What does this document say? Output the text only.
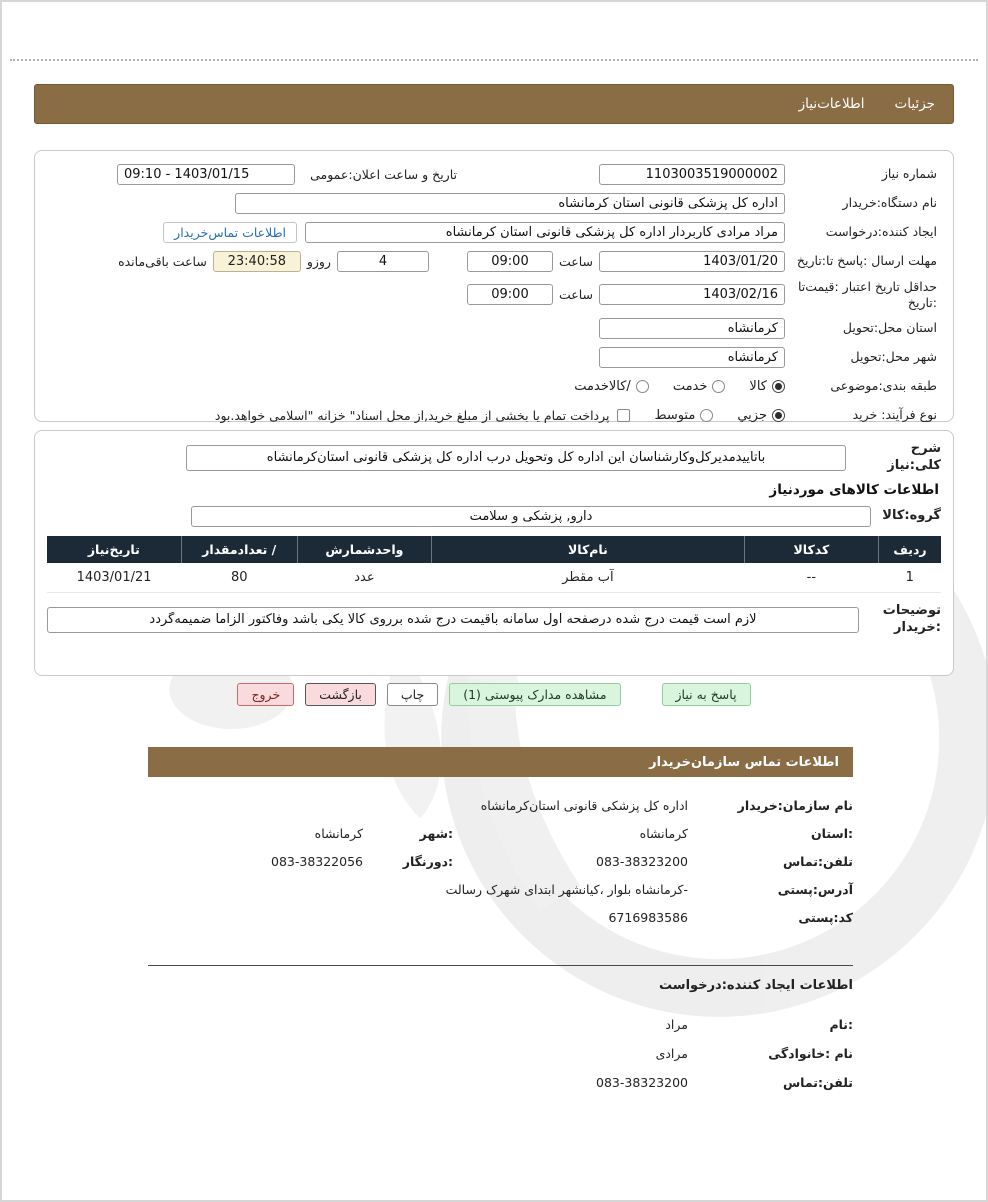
جزئیات
اطلاعات‌نیاز
شماره نیاز
1103003519000002
تاریخ و ساعت اعلان:عمومی
09:10 - 1403/01/15
نام دستگاه:خریدار
اداره کل پزشکی قانونی استان کرمانشاه
ایجاد کننده:درخواست
مراد مرادی کاربردار اداره کل پزشکی قانونی استان کرمانشاه
اطلاعات تماس‌خریدار
مهلت ارسال :پاسخ تا:تاریخ
1403/01/20
ساعت
09:00
4
روزو
23:40:58
ساعت باقی‌مانده
حداقل تاریخ اعتبار :قیمت‌تا :تاریخ
1403/02/16
ساعت
09:00
استان محل:تحویل
کرمانشاه
شهر محل:تحویل
کرمانشاه
طبقه بندی:موضوعی
کالا
خدمت
/کالاخدمت
نوع فرآیند: خرید
جزیي
متوسط
پرداخت تمام یا بخشی از مبلغ خرید,از محل اسناد" خزانه "اسلامی خواهد.بود
شرح کلی:نیاز
باتاییدمدیرکل‌وکارشناسان این اداره کل وتحویل درب اداره کل پزشکی قانونی استان‌کرمانشاه
اطلاعات کالاهای موردنیاز
گروه:کالا
دارو, پزشکی و سلامت
ردیف	کدکالا	نام‌کالا	واحدشمارش	/ تعدادمقدار	تاریخ‌نیاز
1	--	آب مقطر	عدد	80	1403/01/21
توضیحات :خریدار
لازم است قیمت درج شده درصفحه اول سامانه باقیمت درج شده برروی کالا یکی باشد وفاکتور الزاما ضمیمه‌گردد
پاسخ به نیاز
مشاهده مدارک پیوستی (1)
چاپ
بازگشت
خروج
اطلاعات تماس سازمان‌خریدار
نام سازمان:خریدار
اداره کل پزشکی قانونی استان‌کرمانشاه
:استان
کرمانشاه
:شهر
کرمانشاه
تلفن:تماس
083-38323200
:دورنگار
083-38322056
آدرس:پستی
-کرمانشاه بلوار ،کیانشهر ابتدای شهرک رسالت
کد:پستی
6716983586
اطلاعات ایجاد کننده:درخواست
:نام
مراد
نام :خانوادگی
مرادی
تلفن:تماس
083-38323200
